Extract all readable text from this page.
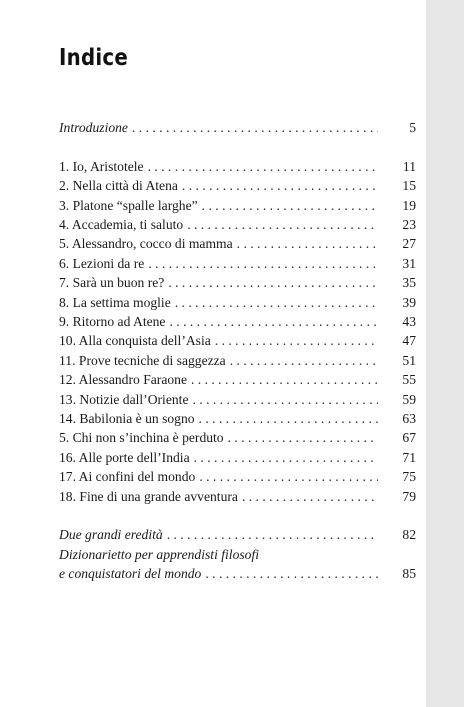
Indice
Introduzione . . .	5
1. Io, Aristotele . . .	11
2. Nella città di Atena . . .	15
3. Platone “spalle larghe” . . .	19
4. Accademia, ti saluto . . .	23
5. Alessandro, cocco di mamma . . .	27
6. Lezioni da re . . .	31
7. Sarà un buon re? . . .	35
8. La settima moglie . . .	39
9. Ritorno ad Atene . . .	43
10. Alla conquista dell’Asia . . .	47
11. Prove tecniche di saggezza . . .	51
12. Alessandro Faraone . . .	55
13. Notizie dall’Oriente . . .	59
14. Babilonia è un sogno . . .	63
5. Chi non s’inchina è perduto . . .	67
16. Alle porte dell’India . . .	71
17. Ai confini del mondo . . .	75
18. Fine di una grande avventura . . .	79
Due grandi eredità . . .	82
Dizionarietto per apprendisti filosofi
e conquistatori del mondo . . .	85
